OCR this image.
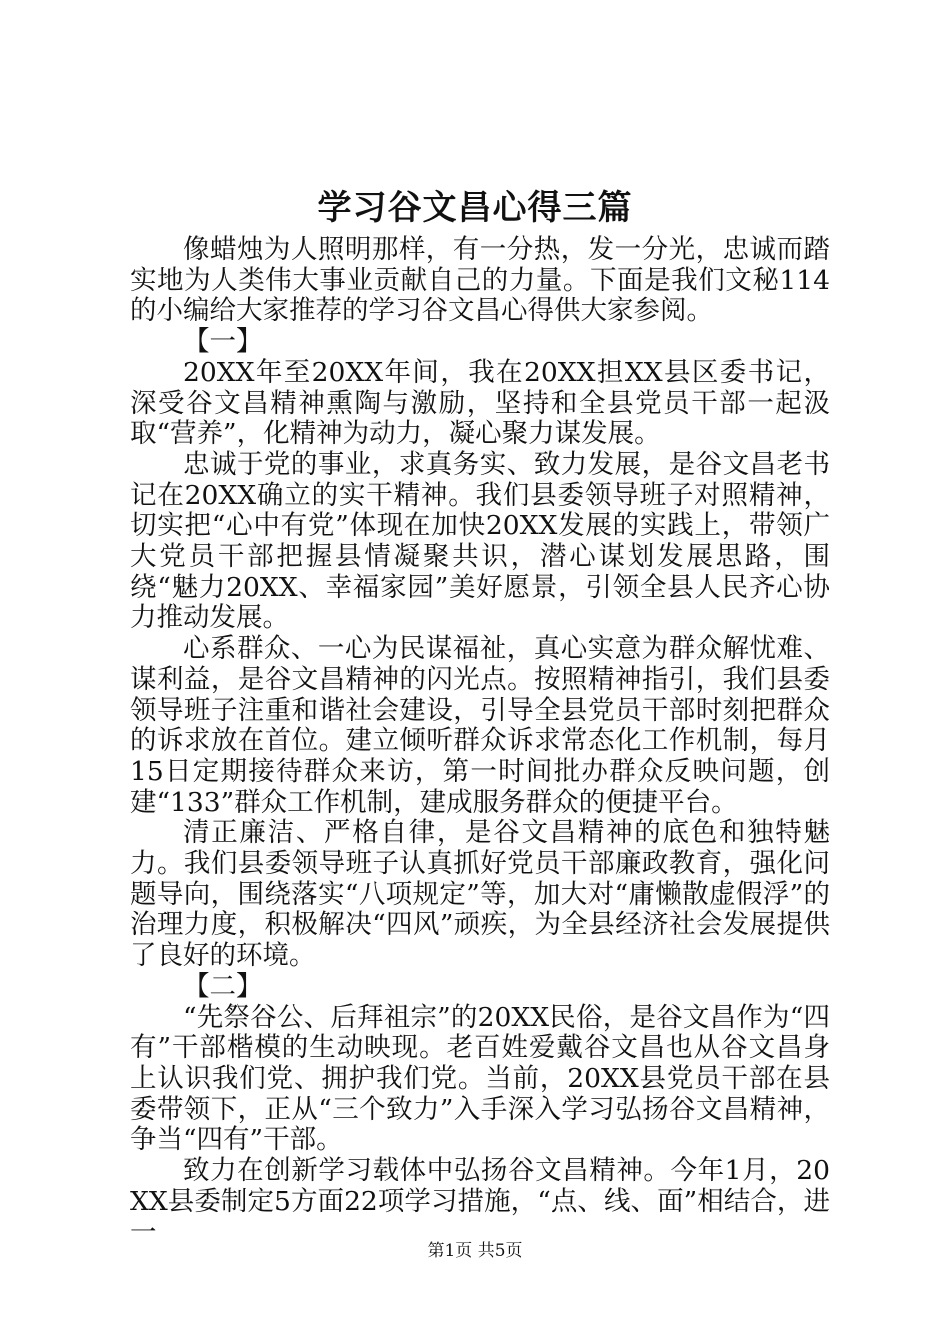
学习谷文昌心得三篇

像蜡烛为人照明那样，有一分热，发一分光，忠诚而踏实地为人类伟大事业贡献自己的力量。下面是我们文秘114的小编给大家推荐的学习谷文昌心得供大家参阅。

【一】

20XX年至20XX年间，我在20XX担XX县区委书记，深受谷文昌精神熏陶与激励，坚持和全县党员干部一起汲取“营养”，化精神为动力，凝心聚力谋发展。

忠诚于党的事业，求真务实、致力发展，是谷文昌老书记在20XX确立的实干精神。我们县委领导班子对照精神，切实把“心中有党”体现在加快20XX发展的实践上，带领广大党员干部把握县情凝聚共识，潜心谋划发展思路，围绕“魅力20XX、幸福家园”美好愿景，引领全县人民齐心协力推动发展。

心系群众、一心为民谋福祉，真心实意为群众解忧难、谋利益，是谷文昌精神的闪光点。按照精神指引，我们县委领导班子注重和谐社会建设，引导全县党员干部时刻把群众的诉求放在首位。建立倾听群众诉求常态化工作机制，每月15日定期接待群众来访，第一时间批办群众反映问题，创建“133”群众工作机制，建成服务群众的便捷平台。

清正廉洁、严格自律，是谷文昌精神的底色和独特魅力。我们县委领导班子认真抓好党员干部廉政教育，强化问题导向，围绕落实“八项规定”等，加大对“庸懒散虚假浮”的治理力度，积极解决“四风”顽疾，为全县经济社会发展提供了良好的环境。

【二】

“先祭谷公、后拜祖宗”的20XX民俗，是谷文昌作为“四有”干部楷模的生动映现。老百姓爱戴谷文昌也从谷文昌身上认识我们党、拥护我们党。当前，20XX县党员干部在县委带领下，正从“三个致力”入手深入学习弘扬谷文昌精神，争当“四有”干部。

致力在创新学习载体中弘扬谷文昌精神。今年1月，20XX县委制定5方面22项学习措施，“点、线、面”相结合，进一

第1页 共5页
